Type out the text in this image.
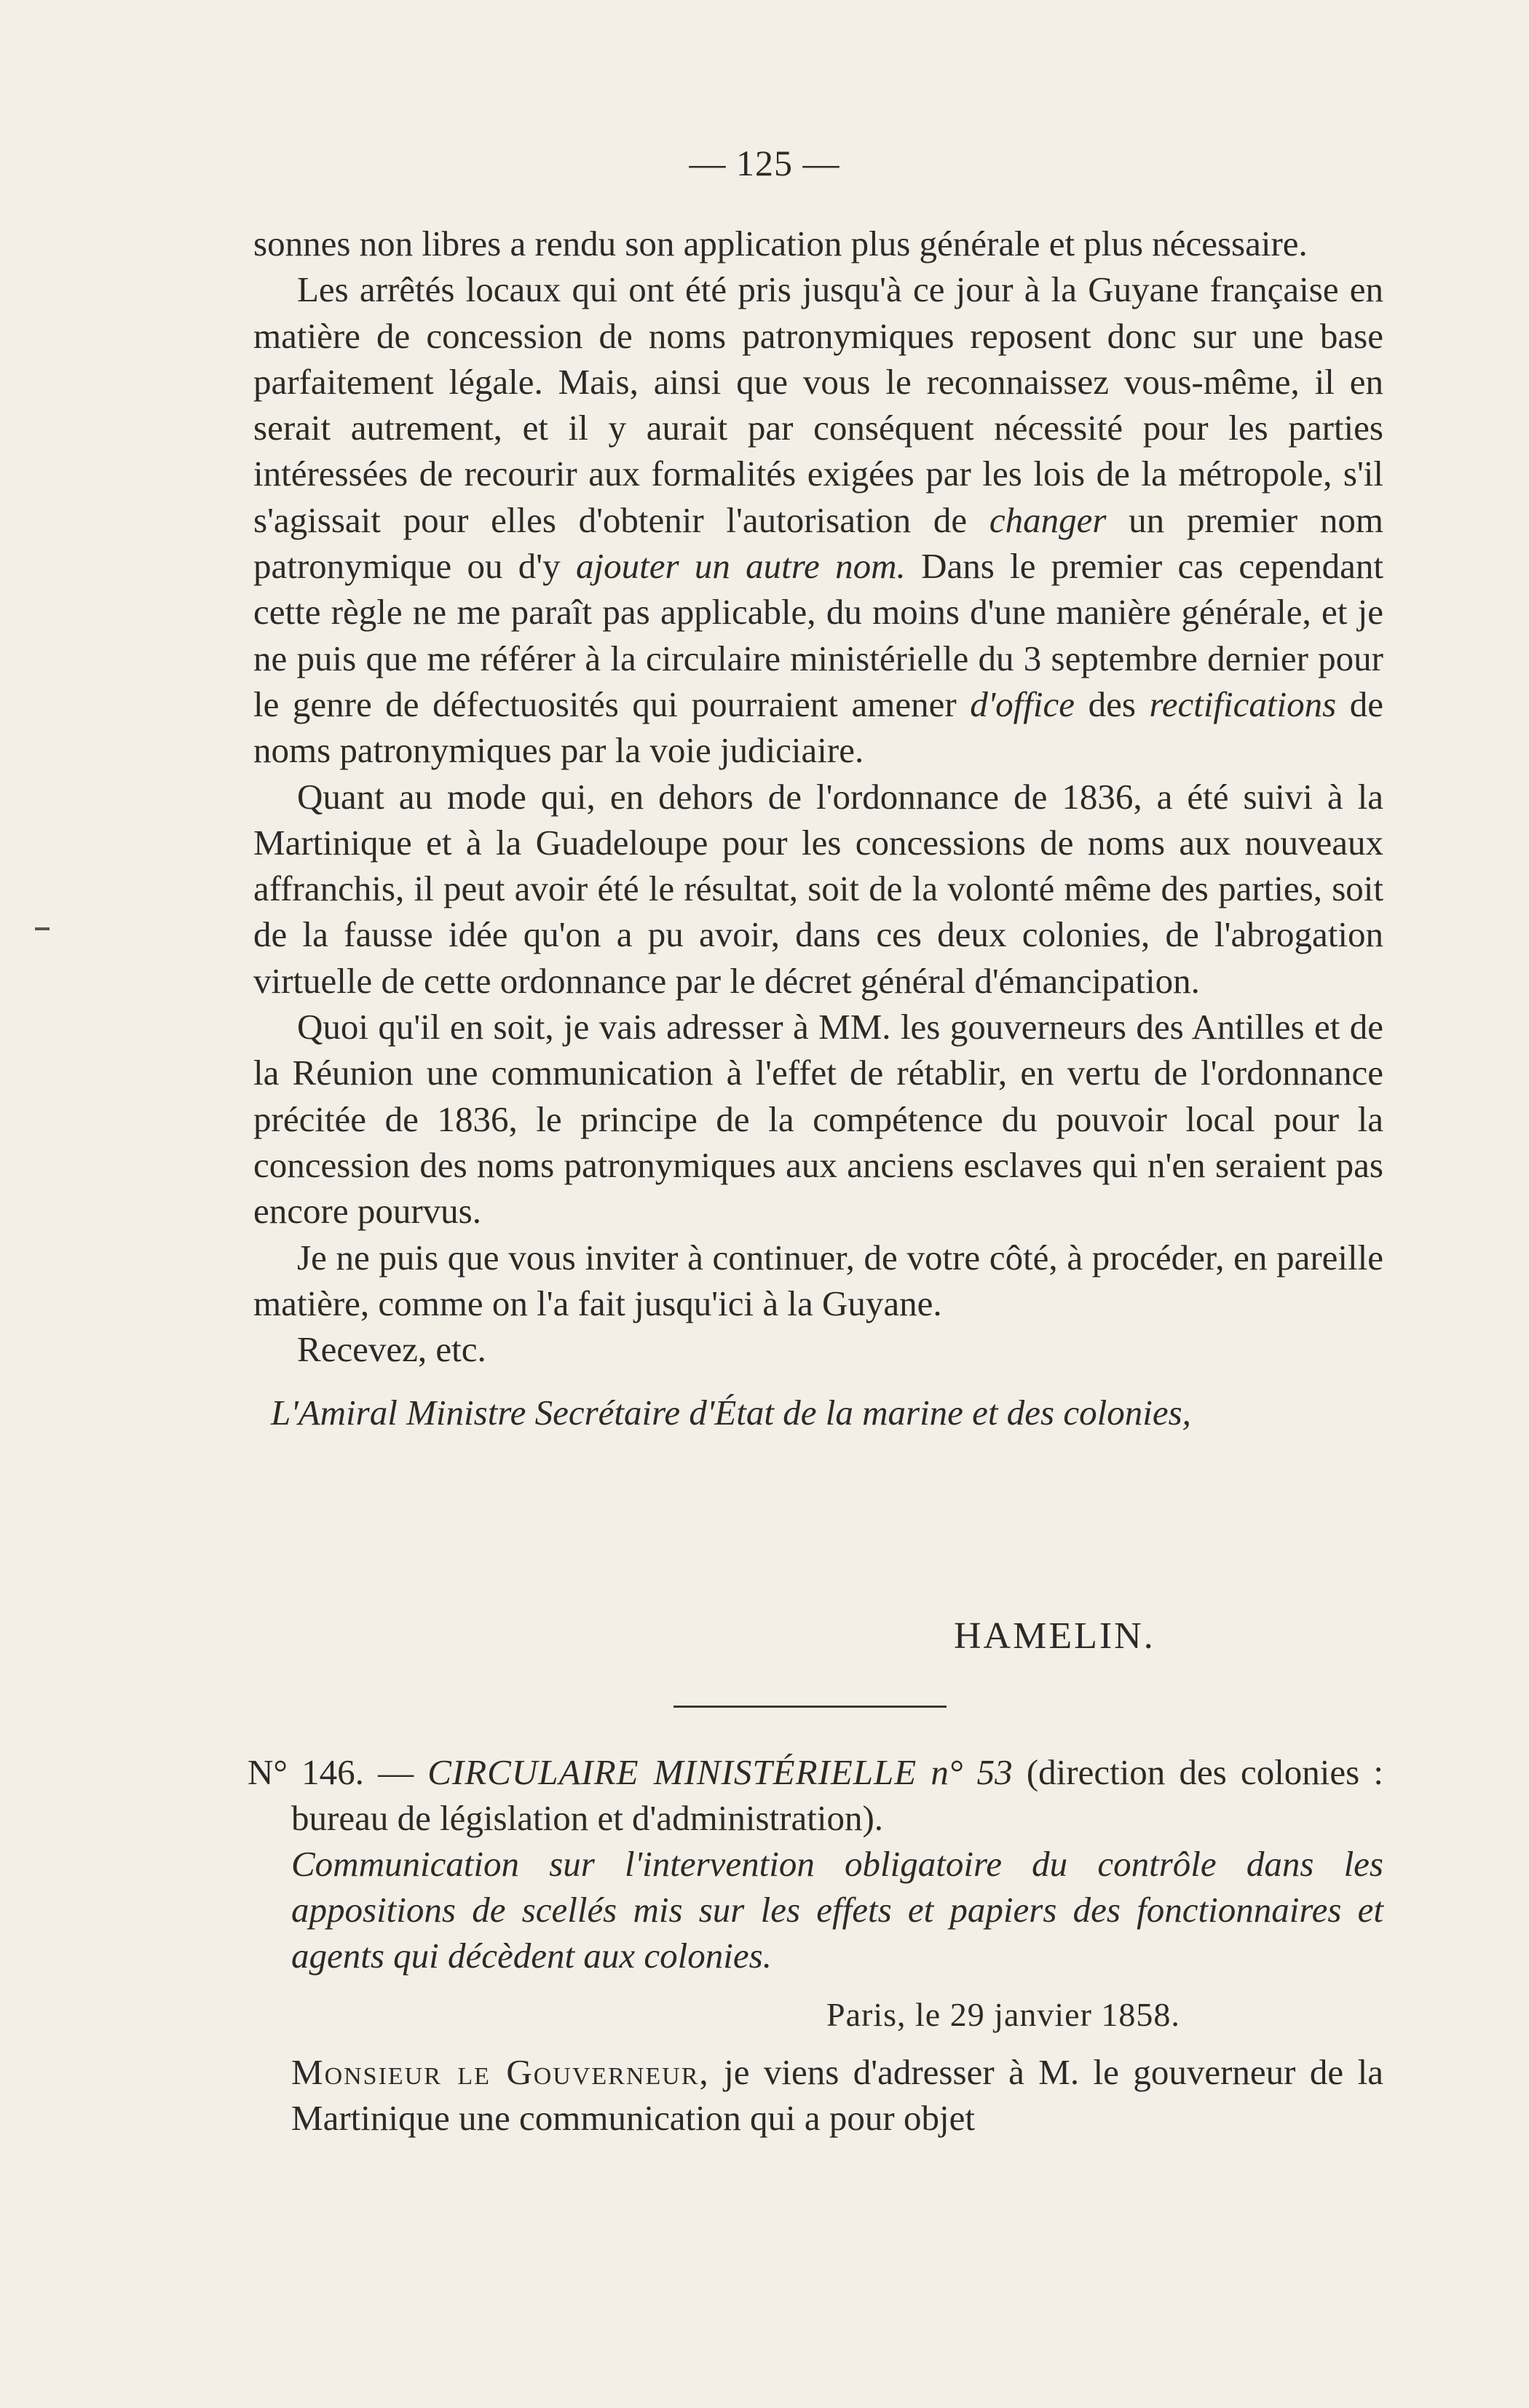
— 125 —

sonnes non libres a rendu son application plus générale et plus nécessaire.

Les arrêtés locaux qui ont été pris jusqu'à ce jour à la Guyane française en matière de concession de noms patronymiques reposent donc sur une base parfaitement légale. Mais, ainsi que vous le reconnaissez vous-même, il en serait autrement, et il y aurait par conséquent nécessité pour les parties intéressées de recourir aux formalités exigées par les lois de la métropole, s'il s'agissait pour elles d'obtenir l'autorisation de changer un premier nom patronymique ou d'y ajouter un autre nom. Dans le premier cas cependant cette règle ne me paraît pas applicable, du moins d'une manière générale, et je ne puis que me référer à la circulaire ministérielle du 3 septembre dernier pour le genre de défectuosités qui pourraient amener d'office des rectifications de noms patronymiques par la voie judiciaire.

Quant au mode qui, en dehors de l'ordonnance de 1836, a été suivi à la Martinique et à la Guadeloupe pour les concessions de noms aux nouveaux affranchis, il peut avoir été le résultat, soit de la volonté même des parties, soit de la fausse idée qu'on a pu avoir, dans ces deux colonies, de l'abrogation virtuelle de cette ordonnance par le décret général d'émancipation.

Quoi qu'il en soit, je vais adresser à MM. les gouverneurs des Antilles et de la Réunion une communication à l'effet de rétablir, en vertu de l'ordonnance précitée de 1836, le principe de la compétence du pouvoir local pour la concession des noms patronymiques aux anciens esclaves qui n'en seraient pas encore pourvus.

Je ne puis que vous inviter à continuer, de votre côté, à procéder, en pareille matière, comme on l'a fait jusqu'ici à la Guyane.

Recevez, etc.

L'Amiral Ministre Secrétaire d'État de la marine et des colonies,

HAMELIN.

N° 146. — CIRCULAIRE MINISTÉRIELLE n° 53 (direction des colonies : bureau de législation et d'administration).

Communication sur l'intervention obligatoire du contrôle dans les appositions de scellés mis sur les effets et papiers des fonctionnaires et agents qui décèdent aux colonies.

Paris, le 29 janvier 1858.

Monsieur le Gouverneur, je viens d'adresser à M. le gouverneur de la Martinique une communication qui a pour objet
